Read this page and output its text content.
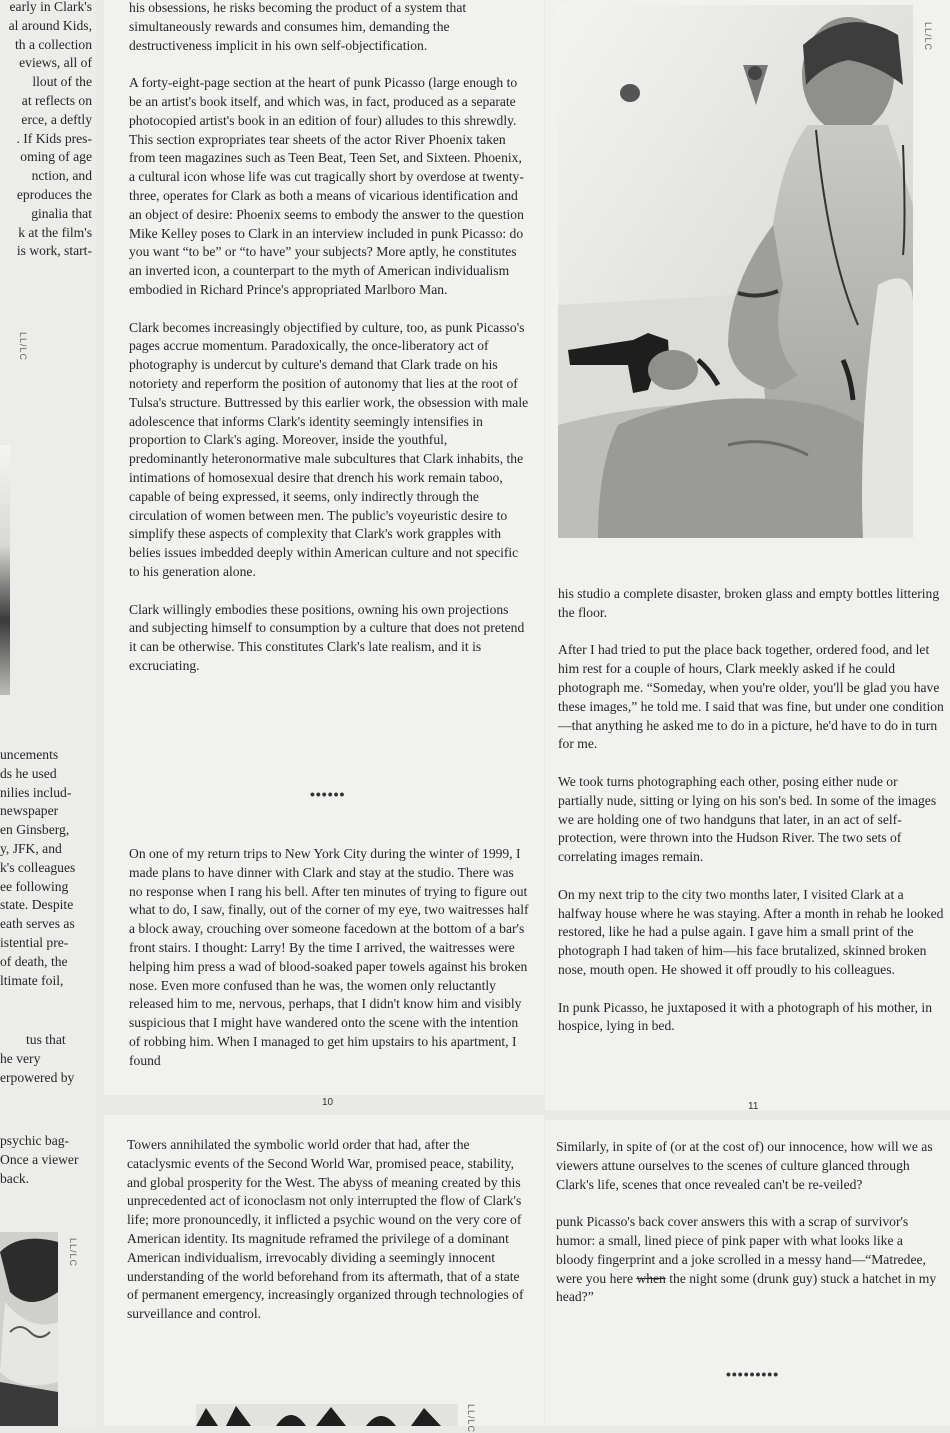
early in Clark's
al around Kids,
th a collection
eviews, all of
llout of the
at reflects on
erce, a deftly
. If Kids pres-
oming of age
nction, and
eproduces the
ginalia that
k at the film's
is work, start-
LL/LC
uncements
ds he used
nilies includ-
newspaper
en Ginsberg,
y, JFK, and
k's colleagues
ee following
state. Despite
eath serves as
istential pre-
of death, the
ltimate foil,
tus that
he very
erpowered by
psychic bag-
Once a viewer
back.
LL/LC
his obsessions, he risks becoming the product of a system that
simultaneously rewards and consumes him, demanding the
destructiveness implicit in his own self-objectification.

A forty-eight-page section at the heart of punk Picasso (large enough to be an artist's book itself, and which was, in fact, produced as a separate photocopied artist's book in an edition of four) alludes to this shrewdly. This section expropriates tear sheets of the actor River Phoenix taken from teen magazines such as Teen Beat, Teen Set, and Sixteen. Phoenix, a cultural icon whose life was cut tragically short by overdose at twenty-three, operates for Clark as both a means of vicarious identification and an object of desire: Phoenix seems to embody the answer to the question Mike Kelley poses to Clark in an interview included in punk Picasso: do you want “to be” or “to have” your subjects? More aptly, he constitutes an inverted icon, a counterpart to the myth of American individualism embodied in Richard Prince's appropriated Marlboro Man.

Clark becomes increasingly objectified by culture, too, as punk Picasso's pages accrue momentum. Paradoxically, the once-liberatory act of photography is undercut by culture's demand that Clark trade on his notoriety and reperform the position of autonomy that lies at the root of Tulsa's structure. Buttressed by this earlier work, the obsession with male adolescence that informs Clark's identity seemingly intensifies in proportion to Clark's aging. Moreover, inside the youthful, predominantly heteronormative male subcultures that Clark inhabits, the intimations of homosexual desire that drench his work remain taboo, capable of being expressed, it seems, only indirectly through the circulation of women between men. The public's voyeuristic desire to simplify these aspects of complexity that Clark's work grapples with belies issues imbedded deeply within American culture and not specific to his generation alone.

Clark willingly embodies these positions, owning his own projections and subjecting himself to consumption by a culture that does not pretend it can be otherwise. This constitutes Clark's late realism, and it is excruciating.

••••••

On one of my return trips to New York City during the winter of 1999, I made plans to have dinner with Clark and stay at the studio. There was no response when I rang his bell. After ten minutes of trying to figure out what to do, I saw, finally, out of the corner of my eye, two waitresses half a block away, crouching over someone facedown at the bottom of a bar's front stairs. I thought: Larry! By the time I arrived, the waitresses were helping him press a wad of blood-soaked paper towels against his broken nose. Even more confused than he was, the women only reluctantly released him to me, nervous, perhaps, that I didn't know him and visibly suspicious that I might have wandered onto the scene with the intention of robbing him. When I managed to get him upstairs to his apartment, I found

10
LL/LC

his studio a complete disaster, broken glass and empty bottles littering the floor.

After I had tried to put the place back together, ordered food, and let him rest for a couple of hours, Clark meekly asked if he could photograph me. “Someday, when you're older, you'll be glad you have these images,” he told me. I said that was fine, but under one condition—that anything he asked me to do in a picture, he'd have to do in turn for me.

We took turns photographing each other, posing either nude or partially nude, sitting or lying on his son's bed. In some of the images we are holding one of two handguns that later, in an act of self-protection, were thrown into the Hudson River. The two sets of correlating images remain.

On my next trip to the city two months later, I visited Clark at a halfway house where he was staying. After a month in rehab he looked restored, like he had a pulse again. I gave him a small print of the photograph I had taken of him—his face brutalized, skinned broken nose, mouth open. He showed it off proudly to his colleagues.

In punk Picasso, he juxtaposed it with a photograph of his mother, in hospice, lying in bed.

11

Towers annihilated the symbolic world order that had, after the cataclysmic events of the Second World War, promised peace, stability, and global prosperity for the West. The abyss of meaning created by this unprecedented act of iconoclasm not only interrupted the flow of Clark's life; more pronouncedly, it inflicted a psychic wound on the very core of American identity. Its magnitude reframed the privilege of a dominant American individualism, irrevocably dividing a seemingly innocent understanding of the world beforehand from its aftermath, that of a state of permanent emergency, increasingly organized through technologies of surveillance and control.

LL/LC

Similarly, in spite of (or at the cost of) our innocence, how will we as viewers attune ourselves to the scenes of culture glanced through Clark's life, scenes that once revealed can't be re-veiled?

punk Picasso's back cover answers this with a scrap of survivor's humor: a small, lined piece of pink paper with what looks like a bloody fingerprint and a joke scrolled in a messy hand—“Matredee, were you here when the night some (drunk guy) stuck a hatchet in my head?”

•••••••••
